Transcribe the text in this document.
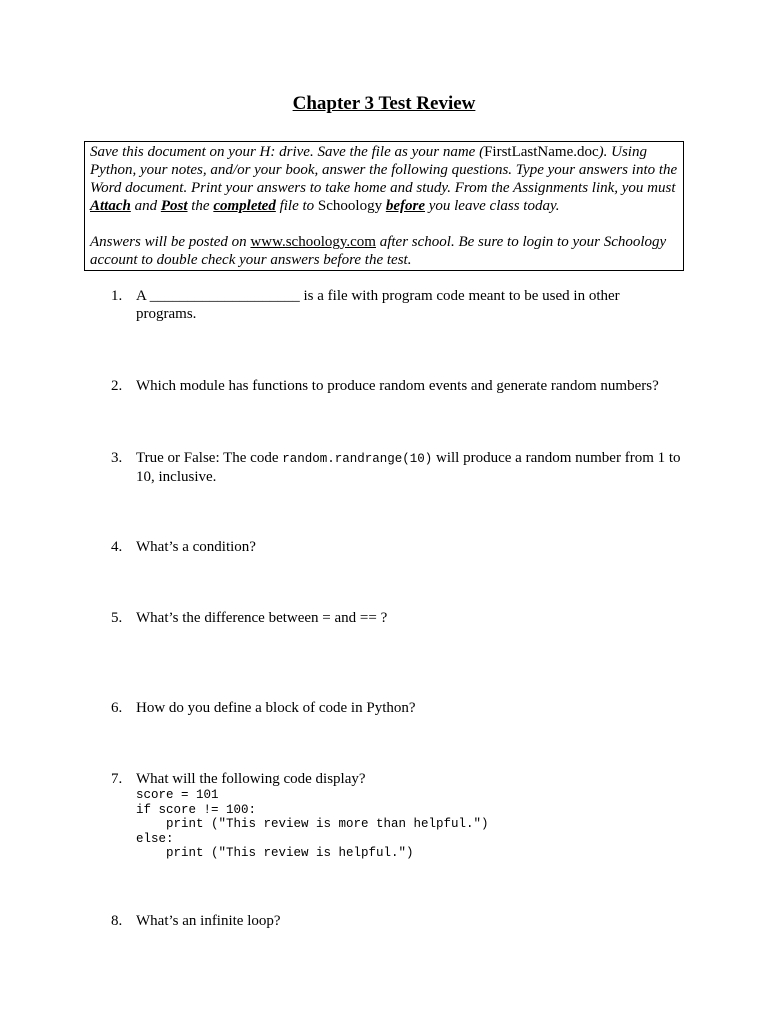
Chapter 3 Test Review

Save this document on your H: drive. Save the file as your name (FirstLastName.doc). Using Python, your notes, and/or your book, answer the following questions. Type your answers into the Word document. Print your answers to take home and study. From the Assignments link, you must Attach and Post the completed file to Schoology before you leave class today.

Answers will be posted on www.schoology.com after school. Be sure to login to your Schoology account to double check your answers before the test.

1. A ____________________ is a file with program code meant to be used in other programs.
2. Which module has functions to produce random events and generate random numbers?
3. True or False: The code random.randrange(10) will produce a random number from 1 to 10, inclusive.
4. What’s a condition?
5. What’s the difference between = and == ?
6. How do you define a block of code in Python?
7. What will the following code display?
score = 101
if score != 100:
print ("This review is more than helpful.")
else:
print ("This review is helpful.")
8. What’s an infinite loop?
